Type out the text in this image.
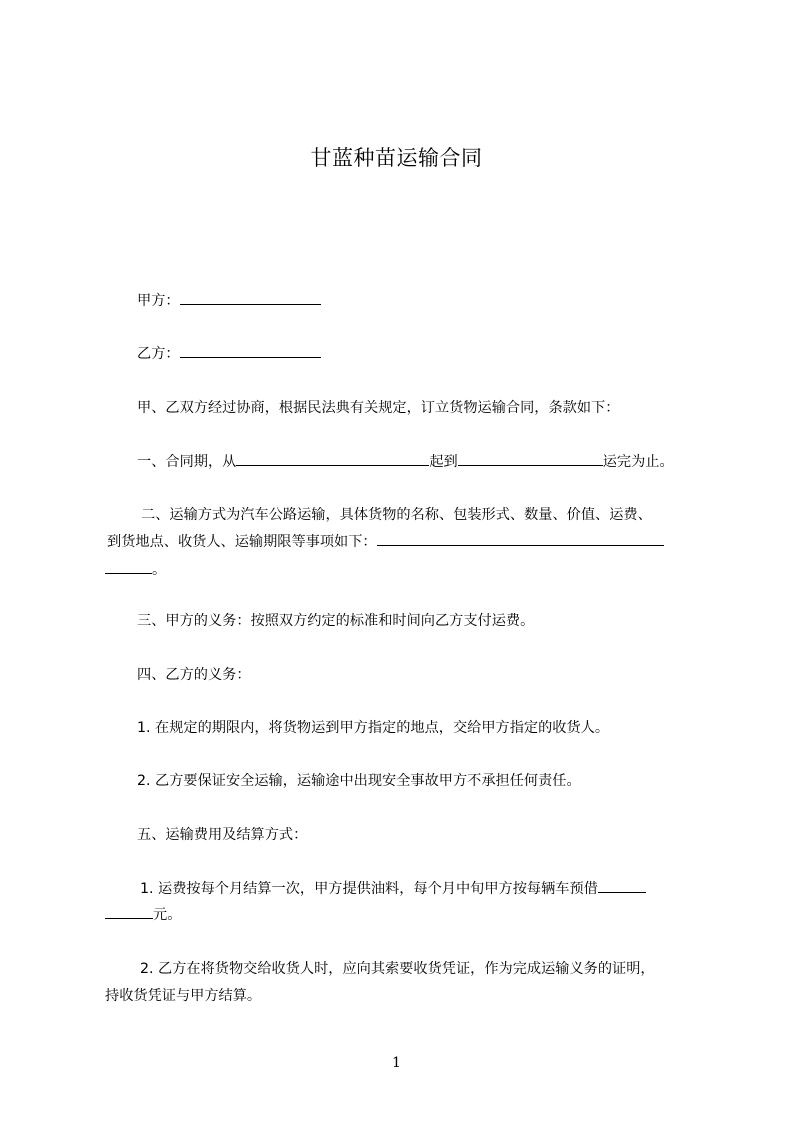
甘蓝种苗运输合同
甲方：
乙方：
甲、乙双方经过协商，根据民法典有关规定，订立货物运输合同，条款如下：
一、合同期，从	起到	运完为止。
二、运输方式为汽车公路运输，具体货物的名称、包装形式、数量、价值、运费、
到货地点、收货人、运输期限等事项如下：
。
三、甲方的义务：按照双方约定的标准和时间向乙方支付运费。
四、乙方的义务：
1. 在规定的期限内，将货物运到甲方指定的地点，交给甲方指定的收货人。
2. 乙方要保证安全运输，运输途中出现安全事故甲方不承担任何责任。
五、运输费用及结算方式：
1. 运费按每个月结算一次，甲方提供油料，每个月中旬甲方按每辆车预借
元。
2. 乙方在将货物交给收货人时，应向其索要收货凭证，作为完成运输义务的证明，
持收货凭证与甲方结算。
1
